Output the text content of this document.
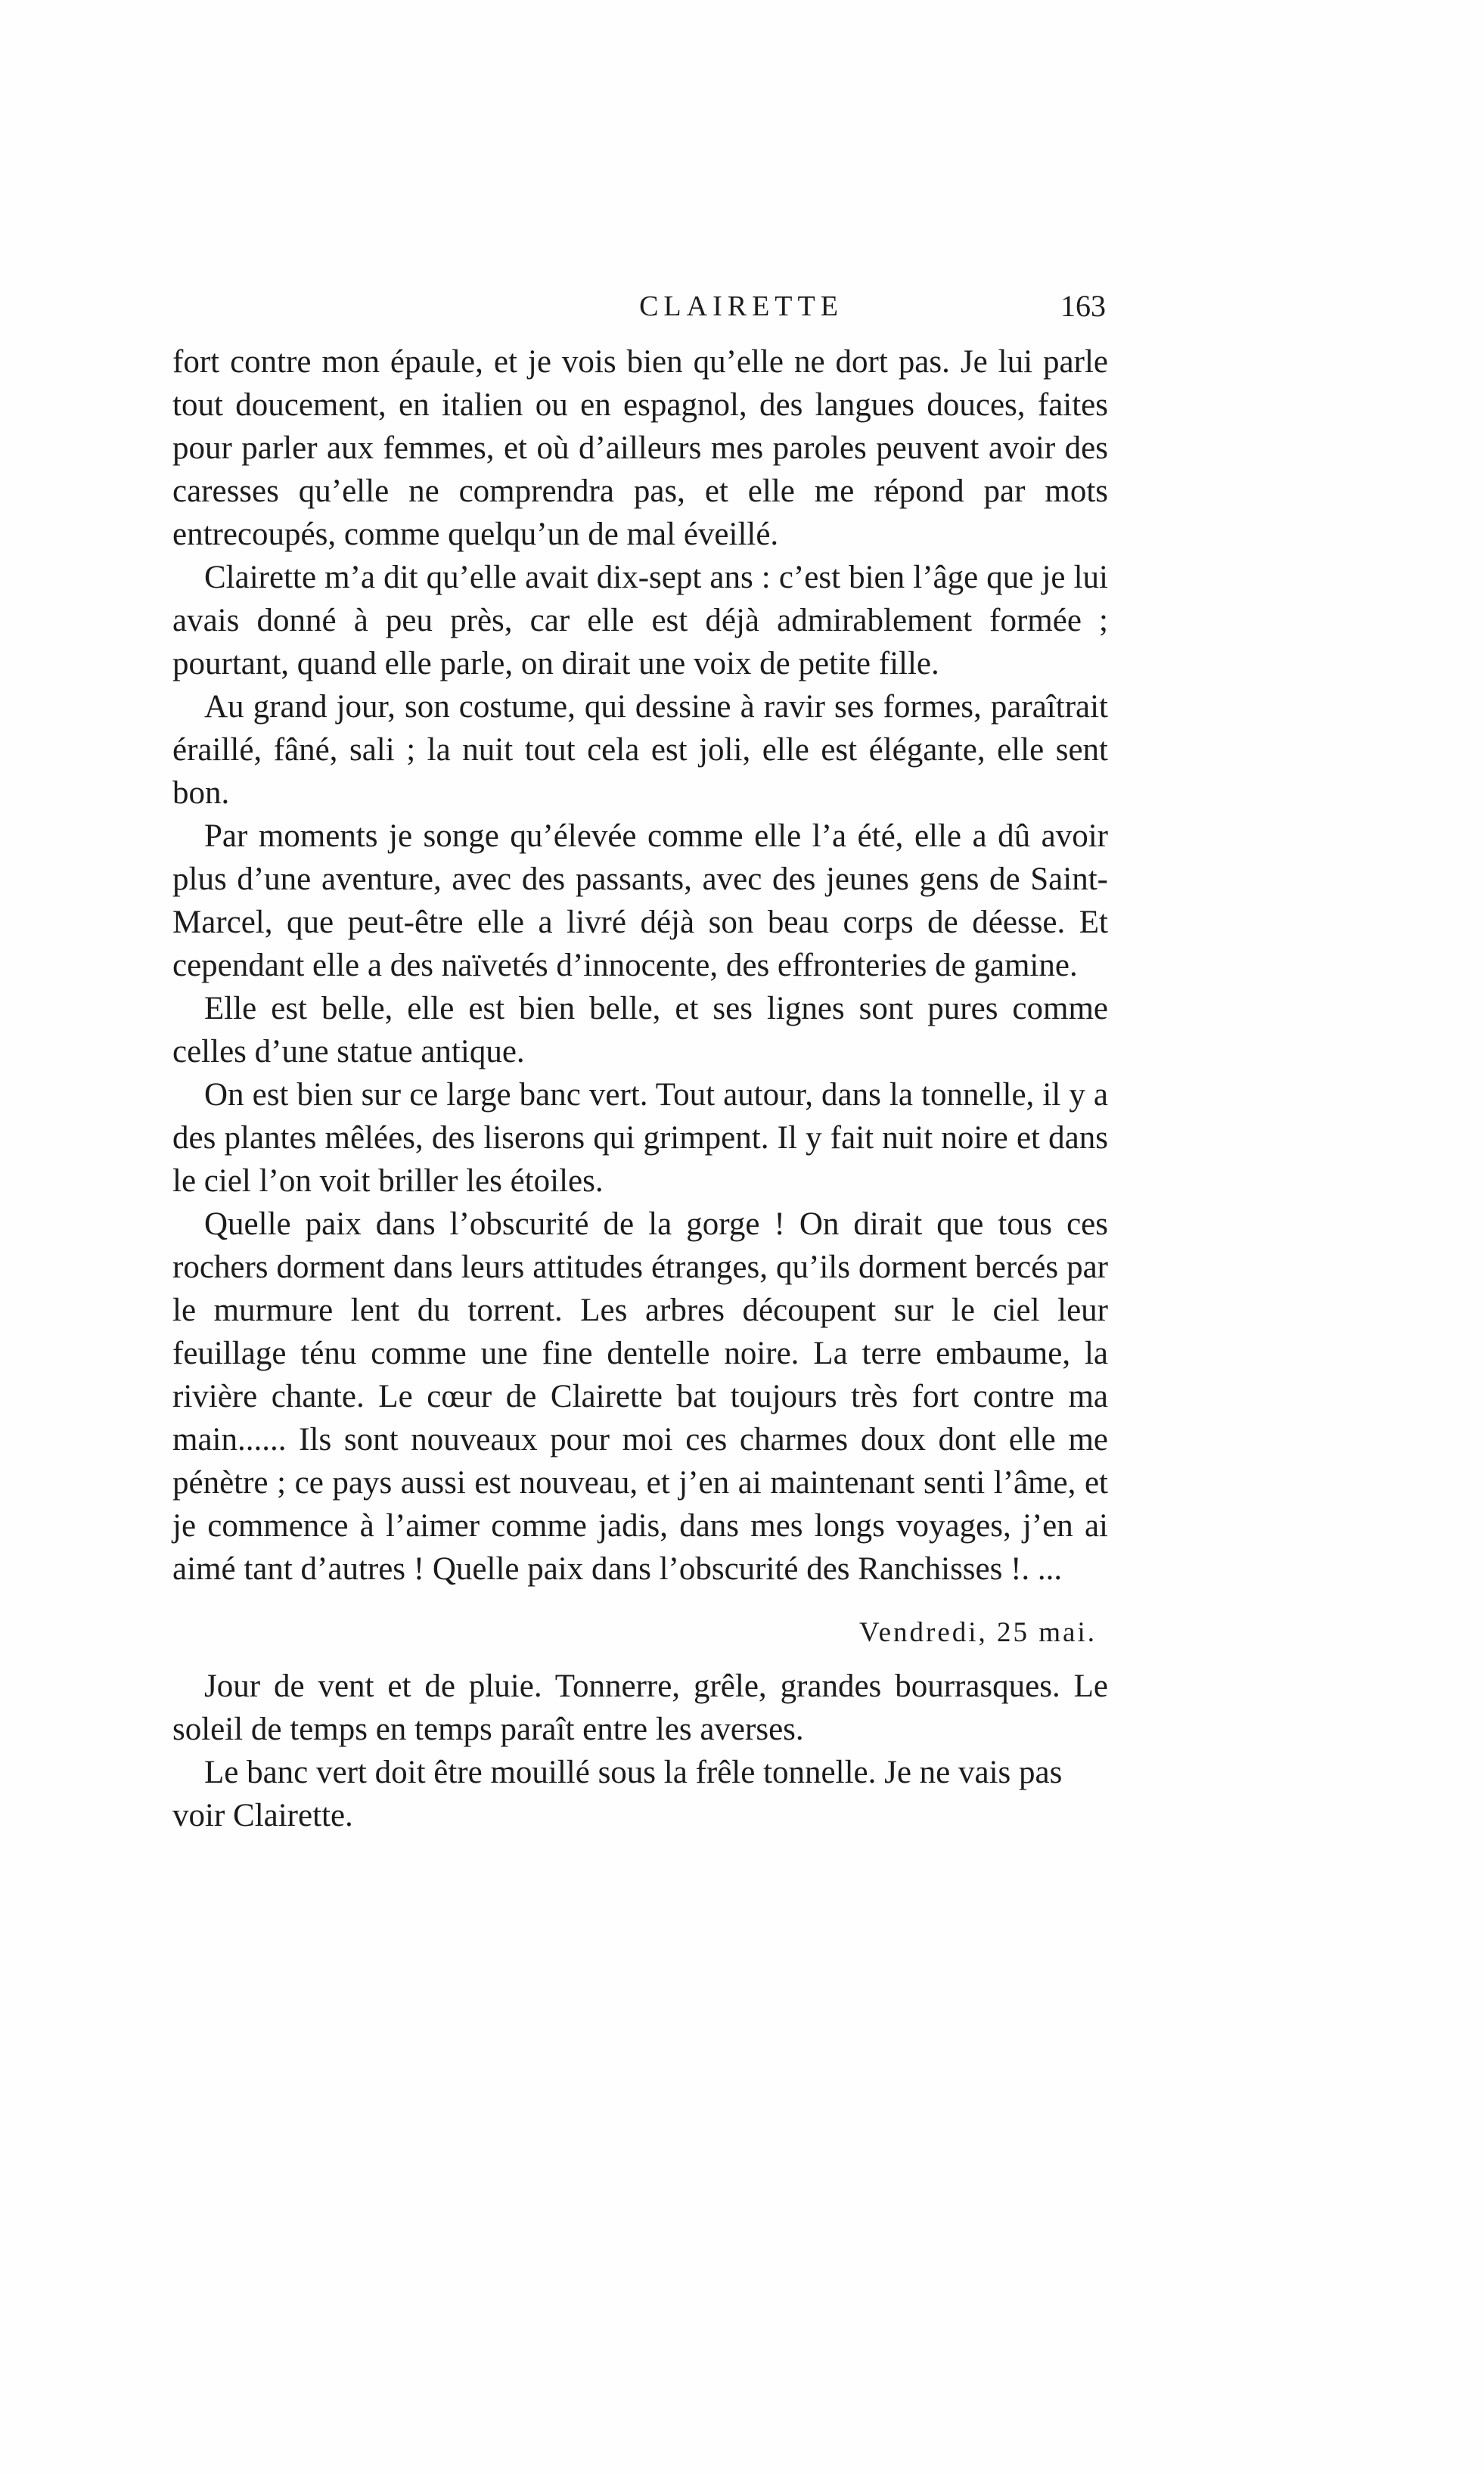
CLAIRETTE	163

fort contre mon épaule, et je vois bien qu’elle ne dort pas. Je lui parle tout doucement, en italien ou en espagnol, des langues douces, faites pour parler aux femmes, et où d’ailleurs mes paroles peuvent avoir des caresses qu’elle ne comprendra pas, et elle me répond par mots entrecoupés, comme quelqu’un de mal éveillé.

Clairette m’a dit qu’elle avait dix-sept ans : c’est bien l’âge que je lui avais donné à peu près, car elle est déjà admirablement formée ; pourtant, quand elle parle, on dirait une voix de petite fille.

Au grand jour, son costume, qui dessine à ravir ses formes, paraîtrait éraillé, fâné, sali ; la nuit tout cela est joli, elle est élégante, elle sent bon.

Par moments je songe qu’élevée comme elle l’a été, elle a dû avoir plus d’une aventure, avec des passants, avec des jeunes gens de Saint-Marcel, que peut-être elle a livré déjà son beau corps de déesse. Et cependant elle a des naïvetés d’innocente, des effronteries de gamine.

Elle est belle, elle est bien belle, et ses lignes sont pures comme celles d’une statue antique.

On est bien sur ce large banc vert. Tout autour, dans la tonnelle, il y a des plantes mêlées, des liserons qui grimpent. Il y fait nuit noire et dans le ciel l’on voit briller les étoiles.

Quelle paix dans l’obscurité de la gorge ! On dirait que tous ces rochers dorment dans leurs attitudes étranges, qu’ils dorment bercés par le murmure lent du torrent. Les arbres découpent sur le ciel leur feuillage ténu comme une fine dentelle noire. La terre embaume, la rivière chante. Le cœur de Clairette bat toujours très fort contre ma main...... Ils sont nouveaux pour moi ces charmes doux dont elle me pénètre ; ce pays aussi est nouveau, et j’en ai maintenant senti l’âme, et je commence à l’aimer comme jadis, dans mes longs voyages, j’en ai aimé tant d’autres ! Quelle paix dans l’obscurité des Ranchisses !. ...

Vendredi, 25 mai.

Jour de vent et de pluie. Tonnerre, grêle, grandes bourrasques. Le soleil de temps en temps paraît entre les averses.

Le banc vert doit être mouillé sous la frêle tonnelle. Je ne vais pas voir Clairette.
